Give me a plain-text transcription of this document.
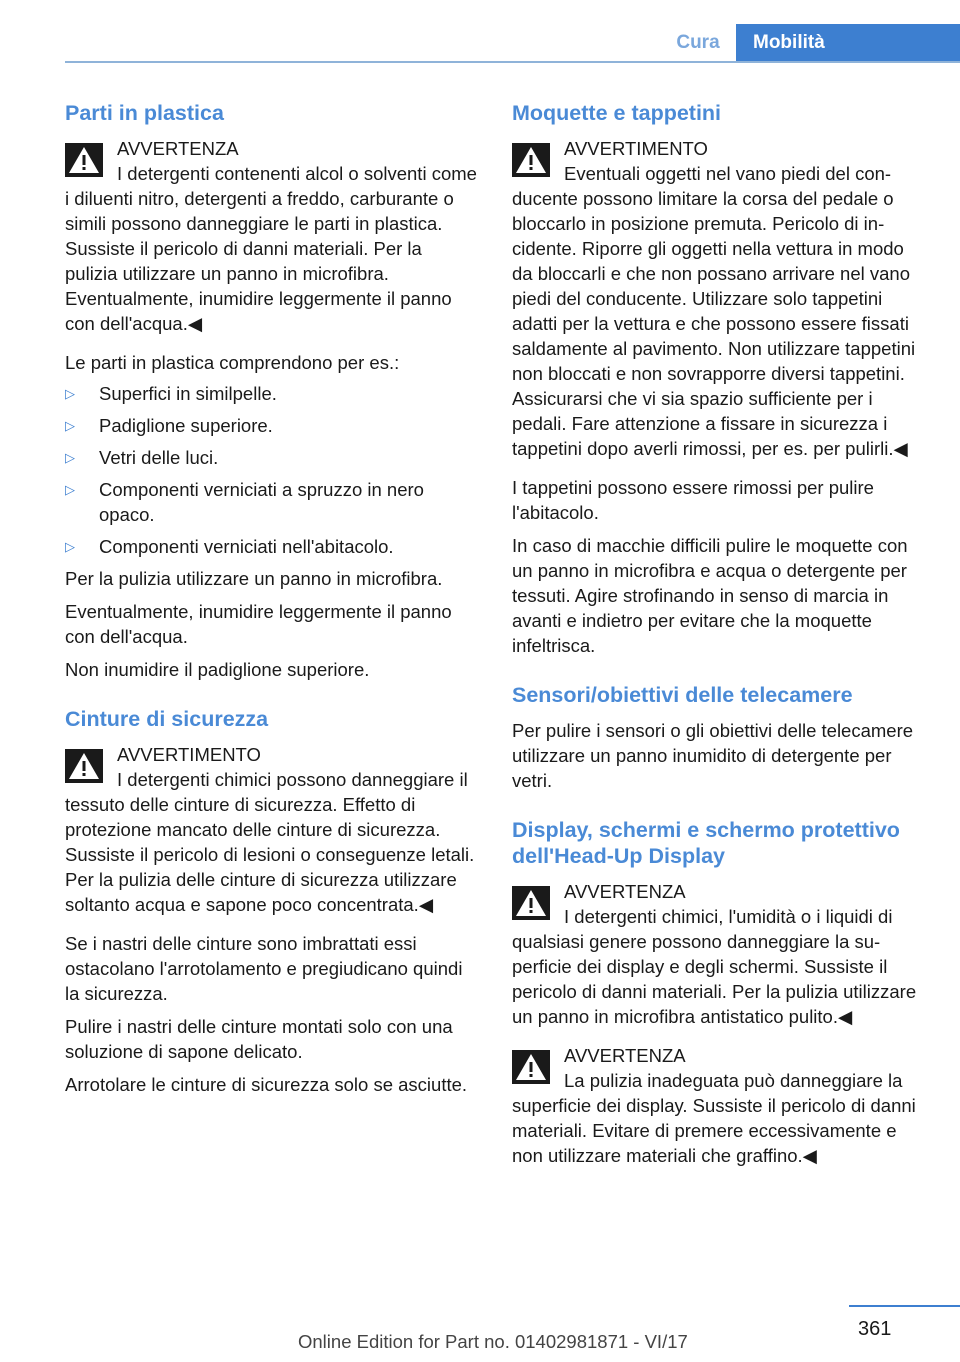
Cura	Mobilità
Parti in plastica
AVVERTENZA
I detergenti contenenti alcol o solventi come i diluenti nitro, detergenti a freddo, carburante o simili possono danneggiare le parti in plastica. Sussiste il pericolo di danni materiali. Per la pulizia utilizzare un panno in microfibra. Eventualmente, inumidire leggermente il panno con dell'acqua.◀

Le parti in plastica comprendono per es.:

▷ Superfici in similpelle.
▷ Padiglione superiore.
▷ Vetri delle luci.
▷ Componenti verniciati a spruzzo in nero opaco.
▷ Componenti verniciati nell'abitacolo.

Per la pulizia utilizzare un panno in microfibra.

Eventualmente, inumidire leggermente il panno con dell'acqua.

Non inumidire il padiglione superiore.

Cinture di sicurezza
AVVERTIMENTO
I detergenti chimici possono danneggiare il tessuto delle cinture di sicurezza. Effetto di protezione mancato delle cinture di sicurezza. Sussiste il pericolo di lesioni o conseguenze letali. Per la pulizia delle cinture di sicurezza utilizzare soltanto acqua e sapone poco concentrata.◀

Se i nastri delle cinture sono imbrattati essi ostacolano l'arrotolamento e pregiudicano quindi la sicurezza.

Pulire i nastri delle cinture montati solo con una soluzione di sapone delicato.

Arrotolare le cinture di sicurezza solo se asciutte.

Moquette e tappetini
AVVERTIMENTO
Eventuali oggetti nel vano piedi del conducente possono limitare la corsa del pedale o bloccarlo in posizione premuta. Pericolo di incidente. Riporre gli oggetti nella vettura in modo da bloccarli e che non possano arrivare nel vano piedi del conducente. Utilizzare solo tappetini adatti per la vettura e che possono essere fissati saldamente al pavimento. Non utilizzare tappetini non bloccati e non sovrapporre diversi tappetini. Assicurarsi che vi sia spazio sufficiente per i pedali. Fare attenzione a fissare in sicurezza i tappetini dopo averli rimossi, per es. per pulirli.◀

I tappetini possono essere rimossi per pulire l'abitacolo.

In caso di macchie difficili pulire le moquette con un panno in microfibra e acqua o detergente per tessuti. Agire strofinando in senso di marcia in avanti e indietro per evitare che la moquette infeltrisca.

Sensori/obiettivi delle telecamere

Per pulire i sensori o gli obiettivi delle telecamere utilizzare un panno inumidito di detergente per vetri.

Display, schermi e schermo protettivo dell'Head-Up Display
AVVERTENZA
I detergenti chimici, l'umidità o i liquidi di qualsiasi genere possono danneggiare la superficie dei display e degli schermi. Sussiste il pericolo di danni materiali. Per la pulizia utilizzare un panno in microfibra antistatico pulito.◀
AVVERTENZA
La pulizia inadeguata può danneggiare la superficie dei display. Sussiste il pericolo di danni materiali. Evitare di premere eccessivamente e non utilizzare materiali che graffino.◀
361
Online Edition for Part no. 01402981871 - VI/17
